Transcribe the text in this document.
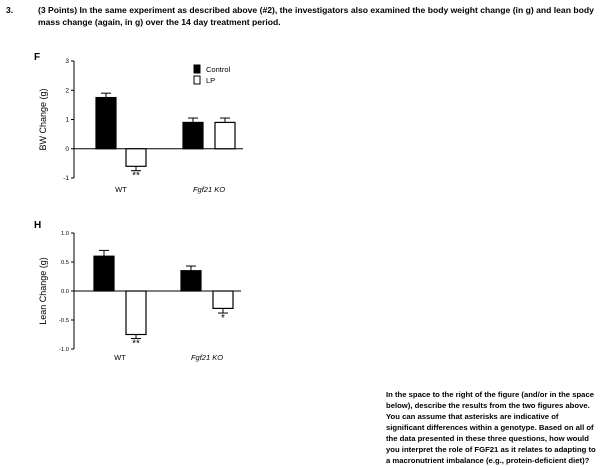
3.	(3 Points) In the same experiment as described above (#2), the investigators also examined the body weight change (in g) and lean body mass change (again, in g) over the 14 day treatment period.
F
BW Change (g)
-1
0
1
2
3
**
WT	Fgf21 KO
Control
LP
H
Lean Change (g)
-1.0
-0.5
0.0
0.5
1.0
**
*
WT	Fgf21 KO
In the space to the right of the figure (and/or in the space below), describe the results from the two figures above. You can assume that asterisks are indicative of significant differences within a genotype. Based on all of the data presented in these three questions, how would you interpret the role of FGF21 as it relates to adapting to a macronutrient imbalance (e.g., protein-deficient diet)?
